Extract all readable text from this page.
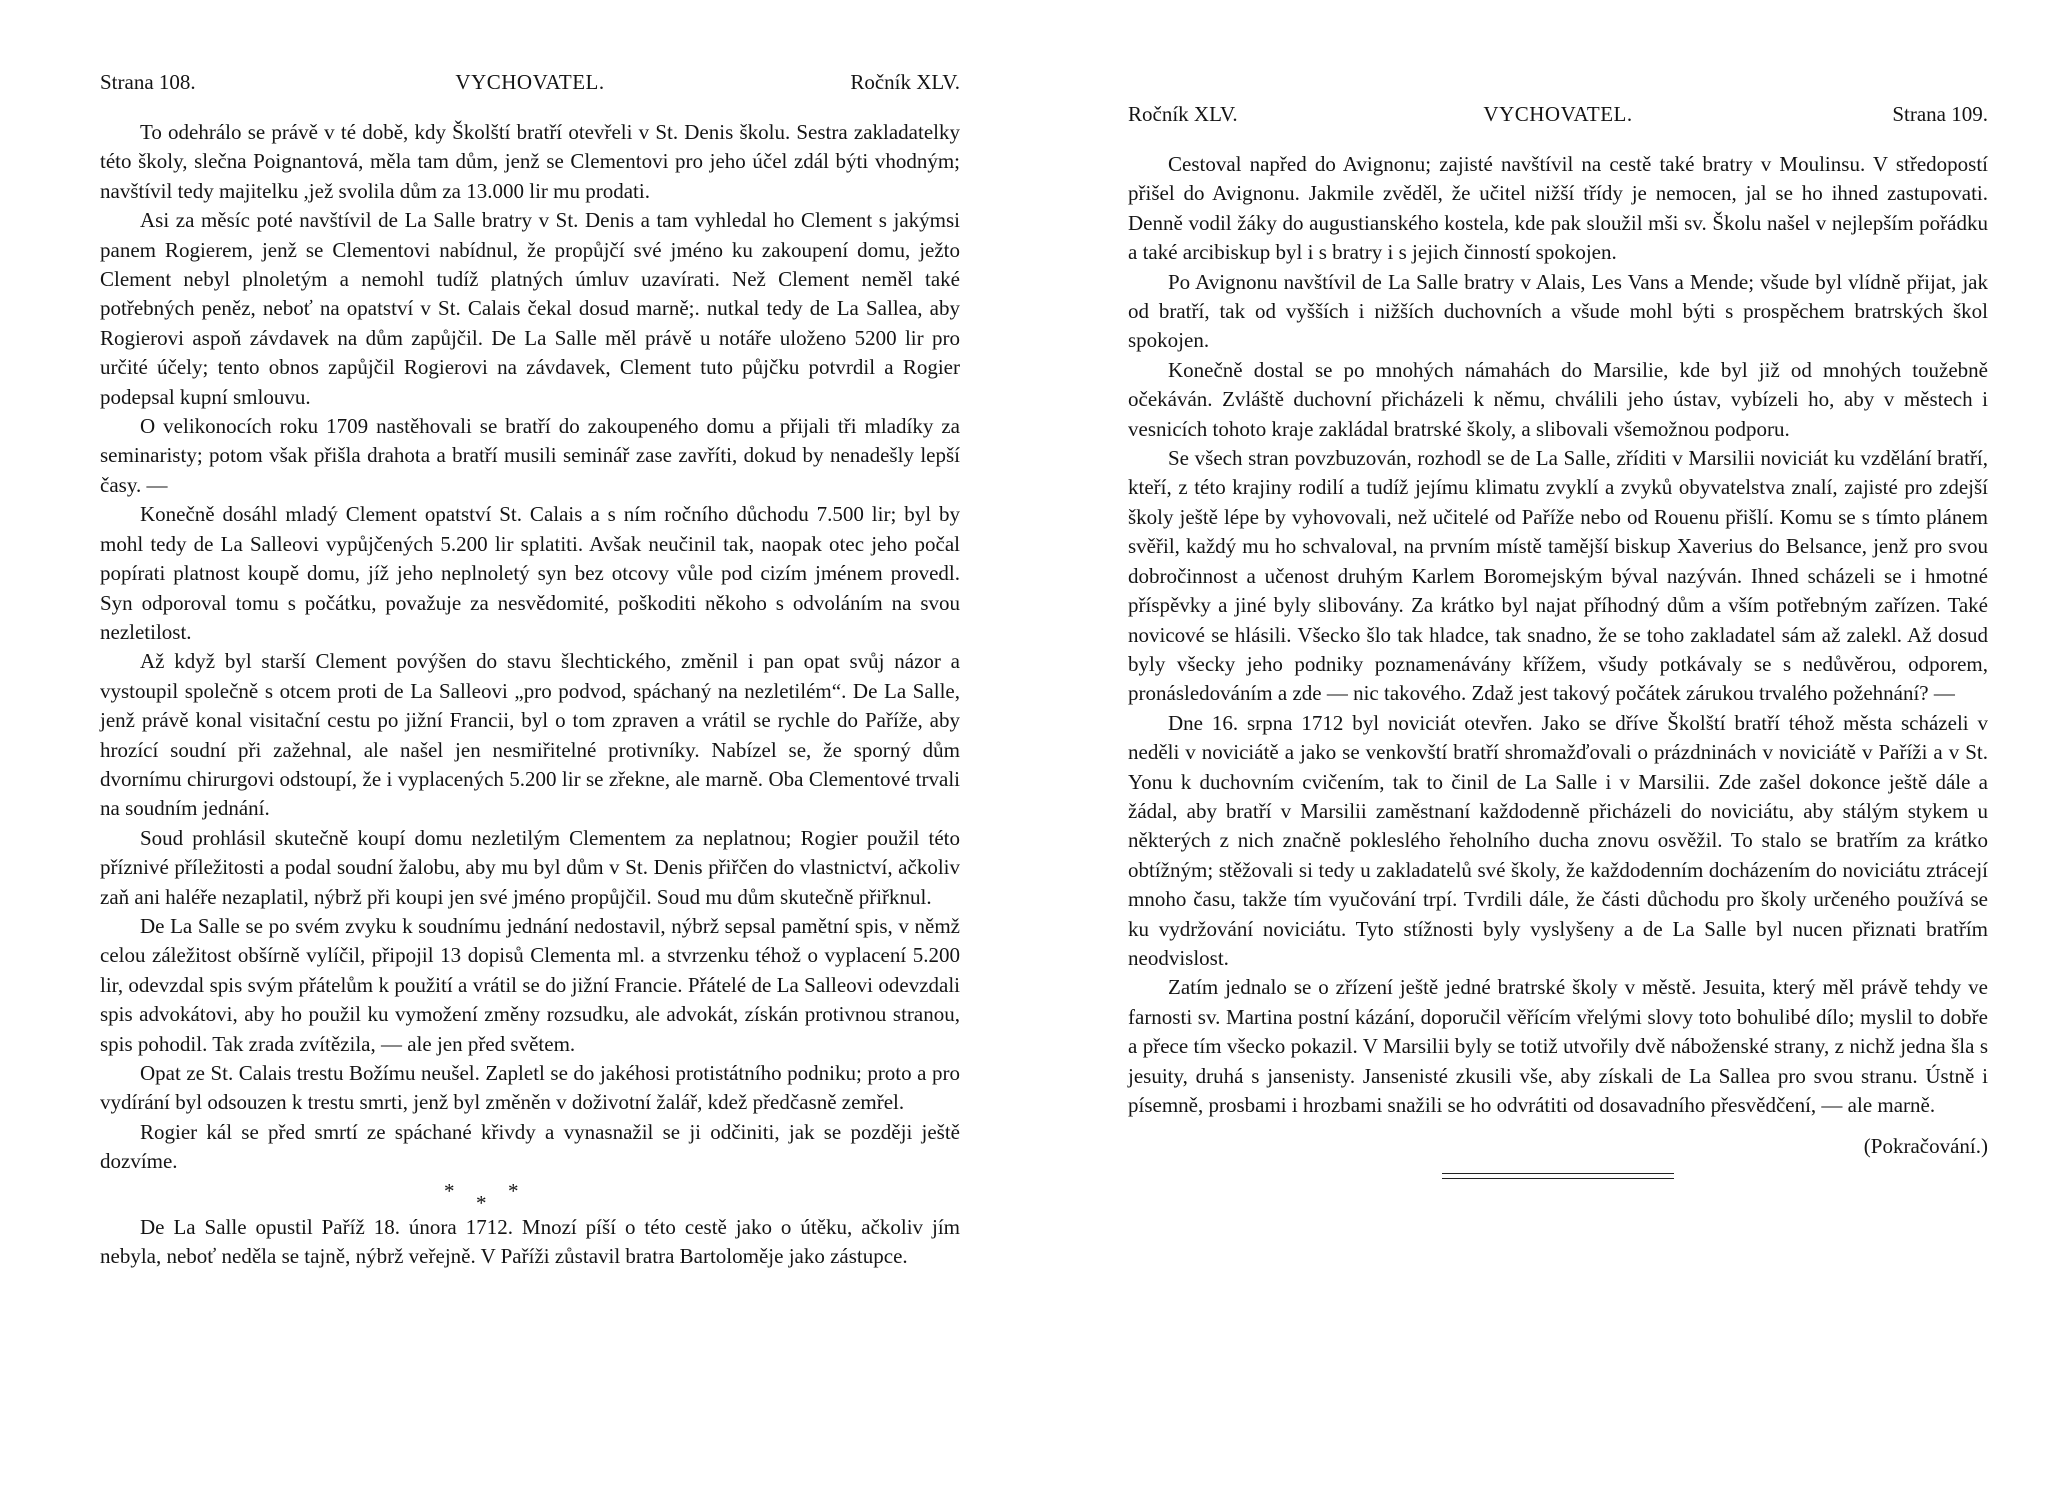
Strana 108.	VYCHOVATEL.	Ročník XLV.

To odehrálo se právě v té době, kdy Školští bratří otevřeli v St. Denis školu. Sestra zakladatelky této školy, slečna Poignantová, měla tam dům, jenž se Clementovi pro jeho účel zdál býti vhodným; navštívil tedy majitelku ,jež svolila dům za 13.000 lir mu prodati.

Asi za měsíc poté navštívil de La Salle bratry v St. Denis a tam vyhledal ho Clement s jakýmsi panem Rogierem, jenž se Clementovi nabídnul, že propůjčí své jméno ku zakoupení domu, ježto Clement nebyl plnoletým a nemohl tudíž platných úmluv uzavírati. Než Clement neměl také potřebných peněz, neboť na opatství v St. Calais čekal dosud marně;. nutkal tedy de La Sallea, aby Rogierovi aspoň závdavek na dům zapůjčil. De La Salle měl právě u notáře uloženo 5200 lir pro určité účely; tento obnos zapůjčil Rogierovi na závdavek, Clement tuto půjčku potvrdil a Rogier podepsal kupní smlouvu.

O velikonocích roku 1709 nastěhovali se bratří do zakoupeného domu a přijali tři mladíky za seminaristy; potom však přišla drahota a bratří musili seminář zase zavříti, dokud by nenadešly lepší časy. —

Konečně dosáhl mladý Clement opatství St. Calais a s ním ročního důchodu 7.500 lir; byl by mohl tedy de La Salleovi vypůjčených 5.200 lir splatiti. Avšak neučinil tak, naopak otec jeho počal popírati platnost koupě domu, jíž jeho neplnoletý syn bez otcovy vůle pod cizím jménem provedl. Syn odporoval tomu s počátku, považuje za nesvědomité, poškoditi někoho s odvoláním na svou nezletilost.

Až když byl starší Clement povýšen do stavu šlechtického, změnil i pan opat svůj názor a vystoupil společně s otcem proti de La Salleovi „pro podvod, spáchaný na nezletilém“. De La Salle, jenž právě konal visitační cestu po jižní Francii, byl o tom zpraven a vrátil se rychle do Paříže, aby hrozící soudní při zažehnal, ale našel jen nesmiřitelné protivníky. Nabízel se, že sporný dům dvornímu chirurgovi odstoupí, že i vyplacených 5.200 lir se zřekne, ale marně. Oba Clementové trvali na soudním jednání.

Soud prohlásil skutečně koupí domu nezletilým Clementem za neplatnou; Rogier použil této příznivé příležitosti a podal soudní žalobu, aby mu byl dům v St. Denis přiřčen do vlastnictví, ačkoliv zaň ani haléře nezaplatil, nýbrž při koupi jen své jméno propůjčil. Soud mu dům skutečně přiřknul.

De La Salle se po svém zvyku k soudnímu jednání nedostavil, nýbrž sepsal pamětní spis, v němž celou záležitost obšírně vylíčil, připojil 13 dopisů Clementa ml. a stvrzenku téhož o vyplacení 5.200 lir, odevzdal spis svým přátelům k použití a vrátil se do jižní Francie. Přátelé de La Salleovi odevzdali spis advokátovi, aby ho použil ku vymožení změny rozsudku, ale advokát, získán protivnou stranou, spis pohodil. Tak zrada zvítězila, — ale jen před světem.

Opat ze St. Calais trestu Božímu neušel. Zapletl se do jakéhosi protistátního podniku; proto a pro vydírání byl odsouzen k trestu smrti, jenž byl změněn v doživotní žalář, kdež předčasně zemřel.

Rogier kál se před smrtí ze spáchané křivdy a vynasnažil se ji odčiniti, jak se později ještě dozvíme.

* * *

De La Salle opustil Paříž 18. února 1712. Mnozí píší o této cestě jako o útěku, ačkoliv jím nebyla, neboť neděla se tajně, nýbrž veřejně. V Paříži zůstavil bratra Bartoloměje jako zástupce.

Ročník XLV.	VYCHOVATEL.	Strana 109.

Cestoval napřed do Avignonu; zajisté navštívil na cestě také bratry v Moulinsu. V středopostí přišel do Avignonu. Jakmile zvěděl, že učitel nižší třídy je nemocen, jal se ho ihned zastupovati. Denně vodil žáky do augustianského kostela, kde pak sloužil mši sv. Školu našel v nejlepším pořádku a také arcibiskup byl i s bratry i s jejich činností spokojen.

Po Avignonu navštívil de La Salle bratry v Alais, Les Vans a Mende; všude byl vlídně přijat, jak od bratří, tak od vyšších i nižších duchovních a všude mohl býti s prospěchem bratrských škol spokojen.

Konečně dostal se po mnohých námahách do Marsilie, kde byl již od mnohých toužebně očekáván. Zvláště duchovní přicházeli k němu, chválili jeho ústav, vybízeli ho, aby v městech i vesnicích tohoto kraje zakládal bratrské školy, a slibovali všemožnou podporu.

Se všech stran povzbuzován, rozhodl se de La Salle, zříditi v Marsilii noviciát ku vzdělání bratří, kteří, z této krajiny rodilí a tudíž jejímu klimatu zvyklí a zvyků obyvatelstva znalí, zajisté pro zdejší školy ještě lépe by vyhovovali, než učitelé od Paříže nebo od Rouenu přišlí. Komu se s tímto plánem svěřil, každý mu ho schvaloval, na prvním místě tamější biskup Xaverius do Belsance, jenž pro svou dobročinnost a učenost druhým Karlem Boromejským býval nazýván. Ihned scházeli se i hmotné příspěvky a jiné byly slibovány. Za krátko byl najat příhodný dům a vším potřebným zařízen. Také novicové se hlásili. Všecko šlo tak hladce, tak snadno, že se toho zakladatel sám až zalekl. Až dosud byly všecky jeho podniky poznamenávány křížem, všudy potkávaly se s nedůvěrou, odporem, pronásledováním a zde — nic takového. Zdaž jest takový počátek zárukou trvalého požehnání? —

Dne 16. srpna 1712 byl noviciát otevřen. Jako se dříve Školští bratří téhož města scházeli v neděli v noviciátě a jako se venkovští bratří shromažďovali o prázdninách v noviciátě v Paříži a v St. Yonu k duchovním cvičením, tak to činil de La Salle i v Marsilii. Zde zašel dokonce ještě dále a žádal, aby bratří v Marsilii zaměstnaní každodenně přicházeli do noviciátu, aby stálým stykem u některých z nich značně poklesléhо řeholního ducha znovu osvěžil. To stalo se bratřím za krátko obtížným; stěžovali si tedy u zakladatelů své školy, že každodenním docházením do noviciátu ztrácejí mnoho času, takže tím vyučování trpí. Tvrdili dále, že části důchodu pro školy určeného používá se ku vydržování noviciátu. Tyto stížnosti byly vyslyšeny a de La Salle byl nucen přiznati bratřím neodvislost.

Zatím jednalo se o zřízení ještě jedné bratrské školy v městě. Jesuita, který měl právě tehdy ve farnosti sv. Martina postní kázání, doporučil věřícím vřelými slovy toto bohulibé dílo; myslil to dobře a přece tím všecko pokazil. V Marsilii byly se totiž utvořily dvě náboženské strany, z nichž jedna šla s jesuity, druhá s jansenisty. Jansenisté zkusili vše, aby získali de La Sallea pro svou stranu. Ústně i písemně, prosbami i hrozbami snažili se ho odvrátiti od dosavadního přesvědčení, — ale marně.

(Pokračování.)
